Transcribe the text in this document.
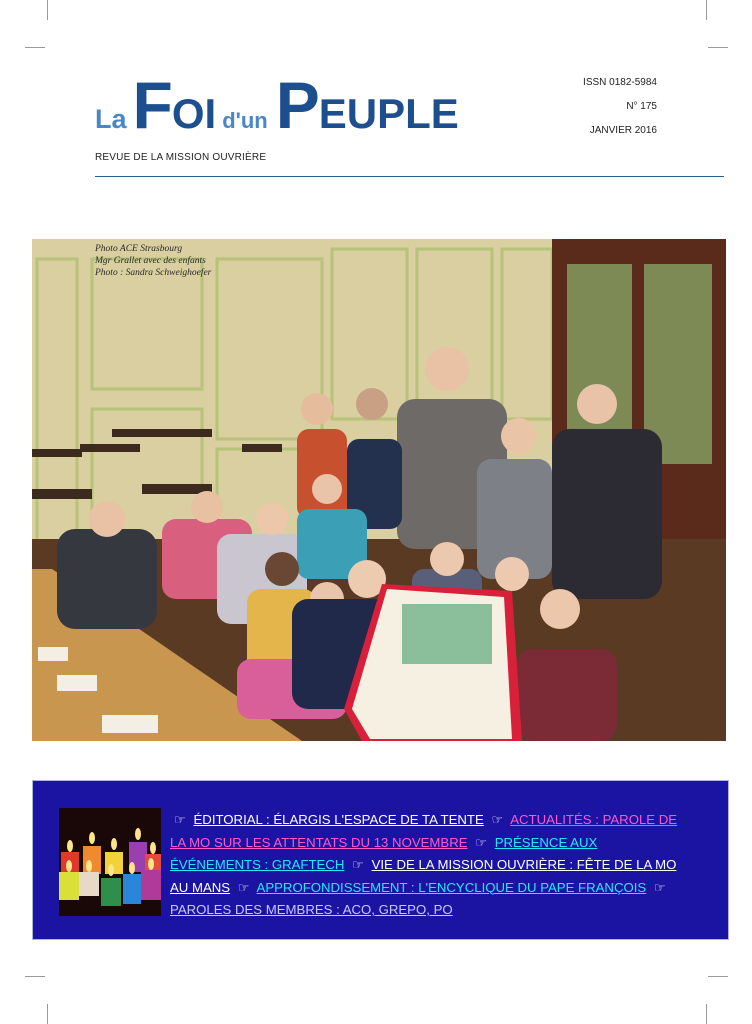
LaFOI d'un PEUPLE
REVUE DE LA MISSION OUVRIÈRE
ISSN 0182-5984
N° 175
JANVIER 2016
Photo ACE Strasbourg
Mgr Grallet avec des enfants
Photo : Sandra Schweighoefer
☞ ÉDITORIAL : ÉLARGIS L'ESPACE DE TA TENTE ☞ ACTUALITÉS : PAROLE DE LA MO SUR LES ATTENTATS DU 13 NOVEMBRE ☞ PRÉSENCE AUX ÉVÉNEMENTS : GRAFTECH ☞ VIE DE LA MISSION OUVRIÈRE : FÊTE DE LA MO AU MANS ☞ APPROFONDISSEMENT : L'ENCYCLIQUE DU PAPE FRANÇOIS ☞ PAROLES DES MEMBRES : ACO, GREPO, PO
